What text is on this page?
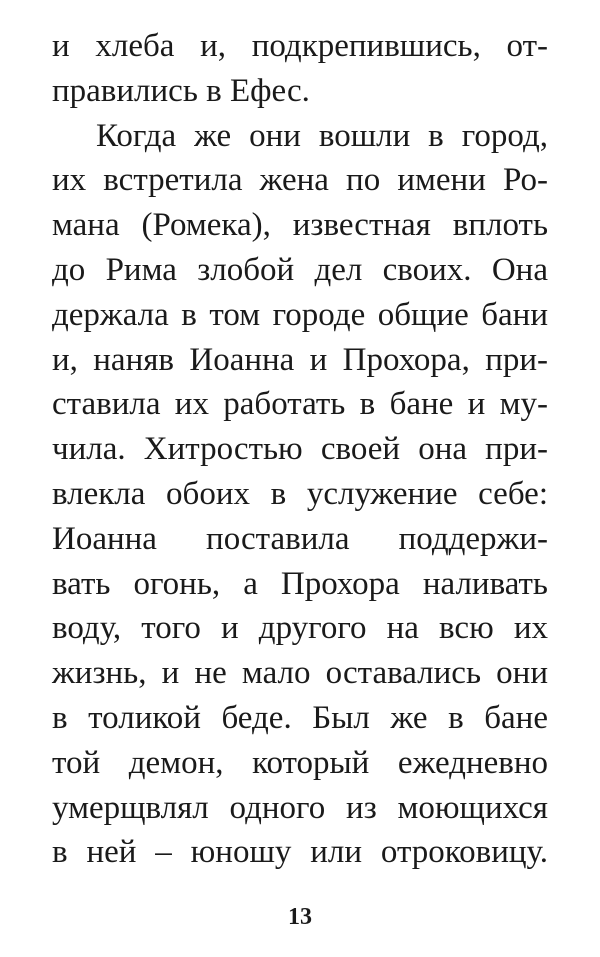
и хлеба и, подкрепившись, от-
правились в Ефес.
Когда же они вошли в город,
их встретила жена по имени Ро-
мана (Ромека), известная вплоть
до Рима злобой дел своих. Она
держала в том городе общие бани
и, наняв Иоанна и Прохора, при-
ставила их работать в бане и му-
чила. Хитростью своей она при-
влекла обоих в услужение себе:
Иоанна поставила поддержи-
вать огонь, а Прохора наливать
воду, того и другого на всю их
жизнь, и не мало оставались они
в толикой беде. Был же в бане
той демон, который ежедневно
умерщвлял одного из моющихся
в ней – юношу или отроковицу.
13
